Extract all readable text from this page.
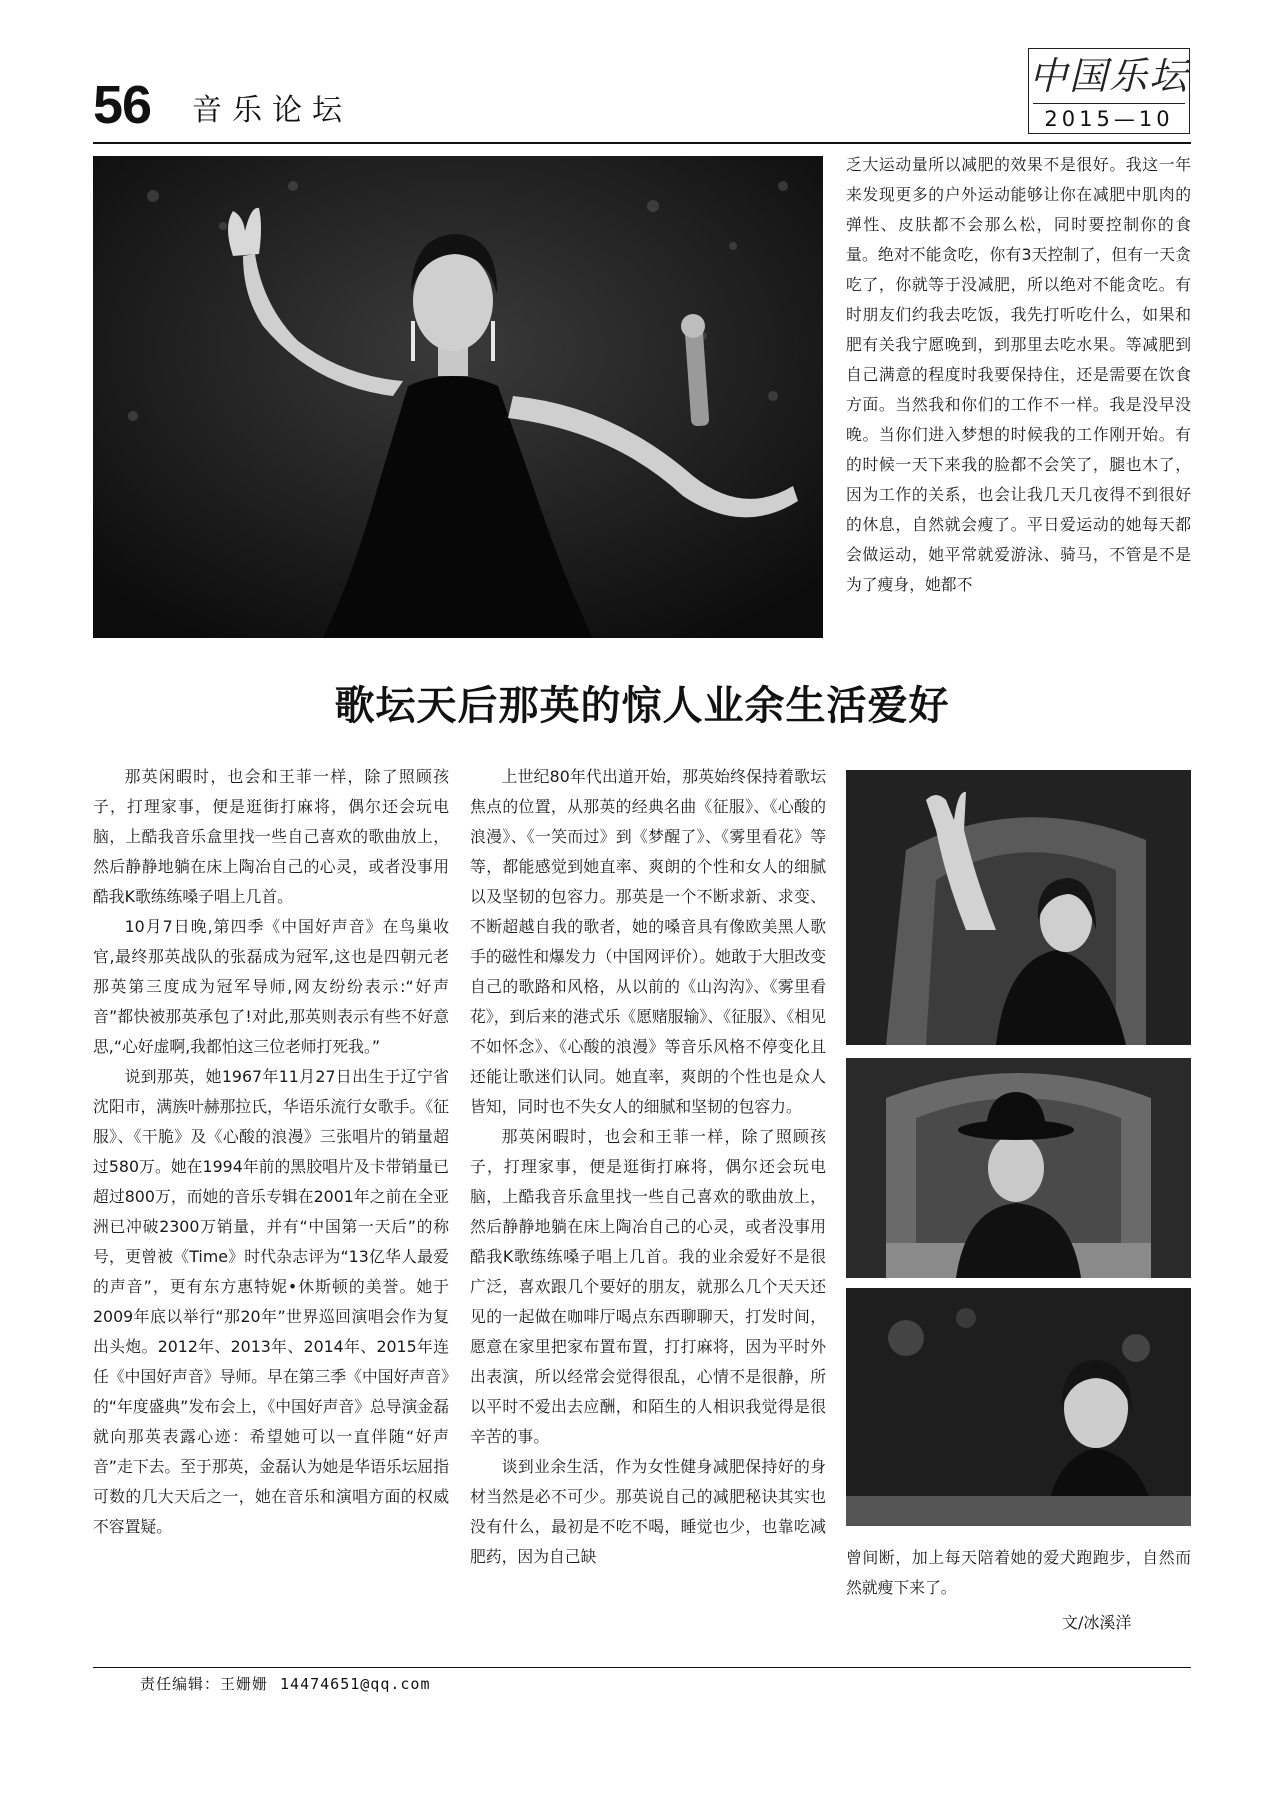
56 音乐论坛
中国乐坛
2015—10

乏大运动量所以减肥的效果不是很好。我这一年来发现更多的户外运动能够让你在减肥中肌肉的弹性、皮肤都不会那么松，同时要控制你的食量。绝对不能贪吃，你有3天控制了，但有一天贪吃了，你就等于没减肥，所以绝对不能贪吃。有时朋友们约我去吃饭，我先打听吃什么，如果和肥有关我宁愿晚到，到那里去吃水果。等减肥到自己满意的程度时我要保持住，还是需要在饮食方面。当然我和你们的工作不一样。我是没早没晚。当你们进入梦想的时候我的工作刚开始。有的时候一天下来我的脸都不会笑了，腿也木了，因为工作的关系，也会让我几天几夜得不到很好的休息，自然就会瘦了。平日爱运动的她每天都会做运动，她平常就爱游泳、骑马，不管是不是为了瘦身，她都不

歌坛天后那英的惊人业余生活爱好

那英闲暇时，也会和王菲一样，除了照顾孩子，打理家事，便是逛街打麻将，偶尔还会玩电脑，上酷我音乐盒里找一些自己喜欢的歌曲放上，然后静静地躺在床上陶冶自己的心灵，或者没事用酷我K歌练练嗓子唱上几首。

10月7日晚,第四季《中国好声音》在鸟巢收官,最终那英战队的张磊成为冠军,这也是四朝元老那英第三度成为冠军导师,网友纷纷表示:“好声音”都快被那英承包了!对此,那英则表示有些不好意思,“心好虚啊,我都怕这三位老师打死我。”

说到那英，她1967年11月27日出生于辽宁省沈阳市，满族叶赫那拉氏，华语乐流行女歌手。《征服》、《干脆》及《心酸的浪漫》三张唱片的销量超过580万。她在1994年前的黑胶唱片及卡带销量已超过800万，而她的音乐专辑在2001年之前在全亚洲已冲破2300万销量，并有“中国第一天后”的称号，更曾被《Time》时代杂志评为“13亿华人最爱的声音”，更有东方惠特妮•休斯顿的美誉。她于2009年底以举行“那20年”世界巡回演唱会作为复出头炮。2012年、2013年、2014年、2015年连任《中国好声音》导师。早在第三季《中国好声音》的“年度盛典”发布会上，《中国好声音》总导演金磊就向那英表露心迹：希望她可以一直伴随“好声音”走下去。至于那英，金磊认为她是华语乐坛屈指可数的几大天后之一，她在音乐和演唱方面的权威不容置疑。

上世纪80年代出道开始，那英始终保持着歌坛焦点的位置，从那英的经典名曲《征服》、《心酸的浪漫》、《一笑而过》到《梦醒了》、《雾里看花》等等，都能感觉到她直率、爽朗的个性和女人的细腻以及坚韧的包容力。那英是一个不断求新、求变、不断超越自我的歌者，她的嗓音具有像欧美黑人歌手的磁性和爆发力（中国网评价）。她敢于大胆改变自己的歌路和风格，从以前的《山沟沟》、《雾里看花》，到后来的港式乐《愿赌服输》、《征服》、《相见不如怀念》、《心酸的浪漫》等音乐风格不停变化且还能让歌迷们认同。她直率，爽朗的个性也是众人皆知，同时也不失女人的细腻和坚韧的包容力。

那英闲暇时，也会和王菲一样，除了照顾孩子，打理家事，便是逛街打麻将，偶尔还会玩电脑，上酷我音乐盒里找一些自己喜欢的歌曲放上，然后静静地躺在床上陶冶自己的心灵，或者没事用酷我K歌练练嗓子唱上几首。我的业余爱好不是很广泛，喜欢跟几个要好的朋友，就那么几个天天还见的一起做在咖啡厅喝点东西聊聊天，打发时间，愿意在家里把家布置布置，打打麻将，因为平时外出表演，所以经常会觉得很乱，心情不是很静，所以平时不爱出去应酬，和陌生的人相识我觉得是很辛苦的事。

谈到业余生活，作为女性健身减肥保持好的身材当然是必不可少。那英说自己的减肥秘诀其实也没有什么，最初是不吃不喝，睡觉也少，也靠吃减肥药，因为自己缺	曾间断，加上每天陪着她的爱犬跑跑步，自然而然就瘦下来了。

文/冰溪洋
责任编辑：王姗姗 14474651@qq.com
